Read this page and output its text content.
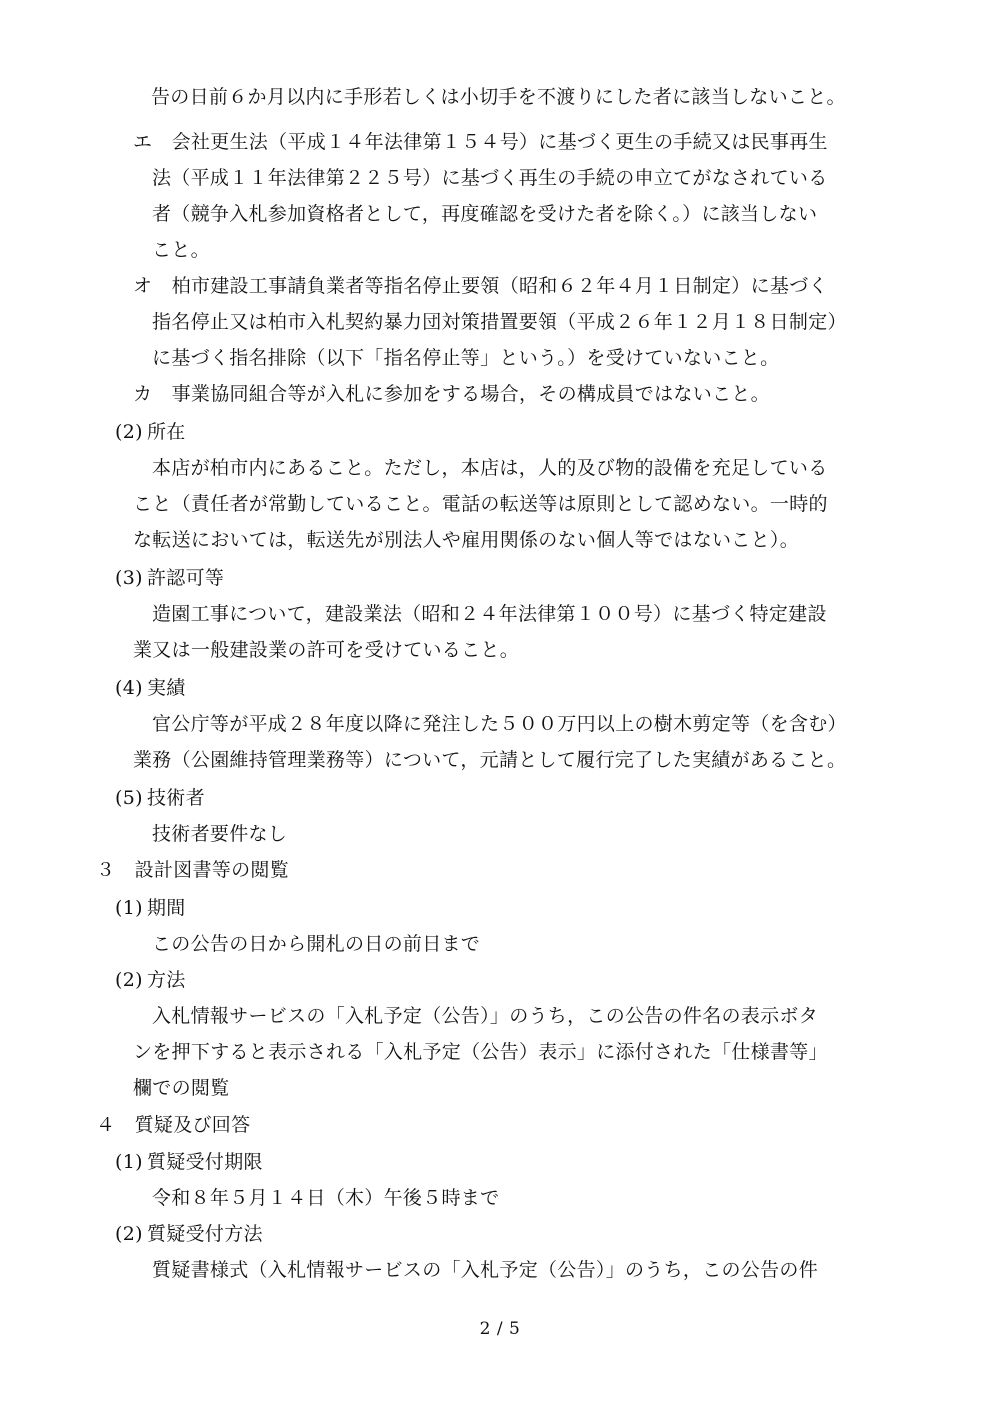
告の日前６か月以内に手形若しくは小切手を不渡りにした者に該当しないこと。

エ　会社更生法（平成１４年法律第１５４号）に基づく更生の手続又は民事再生

法（平成１１年法律第２２５号）に基づく再生の手続の申立てがなされている

者（競争入札参加資格者として，再度確認を受けた者を除く。）に該当しない

こと。

オ　柏市建設工事請負業者等指名停止要領（昭和６２年４月１日制定）に基づく

指名停止又は柏市入札契約暴力団対策措置要領（平成２６年１２月１８日制定）

に基づく指名排除（以下「指名停止等」という。）を受けていないこと。

カ　事業協同組合等が入札に参加をする場合，その構成員ではないこと。

(2) 所在

本店が柏市内にあること。ただし，本店は，人的及び物的設備を充足している

こと（責任者が常勤していること。電話の転送等は原則として認めない。一時的

な転送においては，転送先が別法人や雇用関係のない個人等ではないこと）。

(3) 許認可等

造園工事について，建設業法（昭和２４年法律第１００号）に基づく特定建設

業又は一般建設業の許可を受けていること。

(4) 実績

官公庁等が平成２８年度以降に発注した５００万円以上の樹木剪定等（を含む）

業務（公園維持管理業務等）について，元請として履行完了した実績があること。

(5) 技術者

技術者要件なし

３　設計図書等の閲覧

(1) 期間

この公告の日から開札の日の前日まで

(2) 方法

入札情報サービスの「入札予定（公告）」のうち，この公告の件名の表示ボタ

ンを押下すると表示される「入札予定（公告）表示」に添付された「仕様書等」

欄での閲覧

４　質疑及び回答

(1) 質疑受付期限

令和８年５月１４日（木）午後５時まで

(2) 質疑受付方法

質疑書様式（入札情報サービスの「入札予定（公告）」のうち，この公告の件

2 / 5
